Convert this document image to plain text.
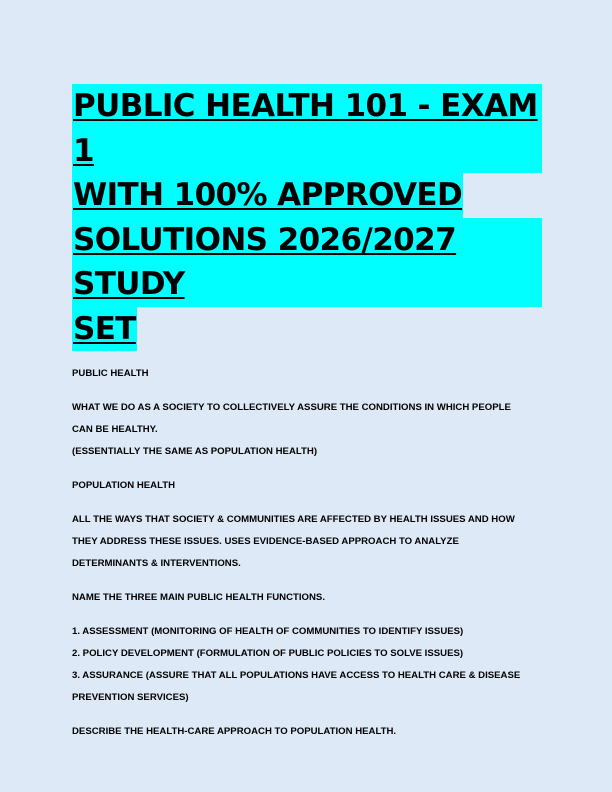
PUBLIC HEALTH 101 - EXAM 1
WITH 100% APPROVED
SOLUTIONS 2026/2027 STUDY
SET

PUBLIC HEALTH

WHAT WE DO AS A SOCIETY TO COLLECTIVELY ASSURE THE CONDITIONS IN WHICH PEOPLE

CAN BE HEALTHY.

(ESSENTIALLY THE SAME AS POPULATION HEALTH)

POPULATION HEALTH

ALL THE WAYS THAT SOCIETY & COMMUNITIES ARE AFFECTED BY HEALTH ISSUES AND HOW

THEY ADDRESS THESE ISSUES. USES EVIDENCE-BASED APPROACH TO ANALYZE

DETERMINANTS & INTERVENTIONS.

NAME THE THREE MAIN PUBLIC HEALTH FUNCTIONS.

1. ASSESSMENT (MONITORING OF HEALTH OF COMMUNITIES TO IDENTIFY ISSUES)

2. POLICY DEVELOPMENT (FORMULATION OF PUBLIC POLICIES TO SOLVE ISSUES)

3. ASSURANCE (ASSURE THAT ALL POPULATIONS HAVE ACCESS TO HEALTH CARE & DISEASE

PREVENTION SERVICES)

DESCRIBE THE HEALTH-CARE APPROACH TO POPULATION HEALTH.
